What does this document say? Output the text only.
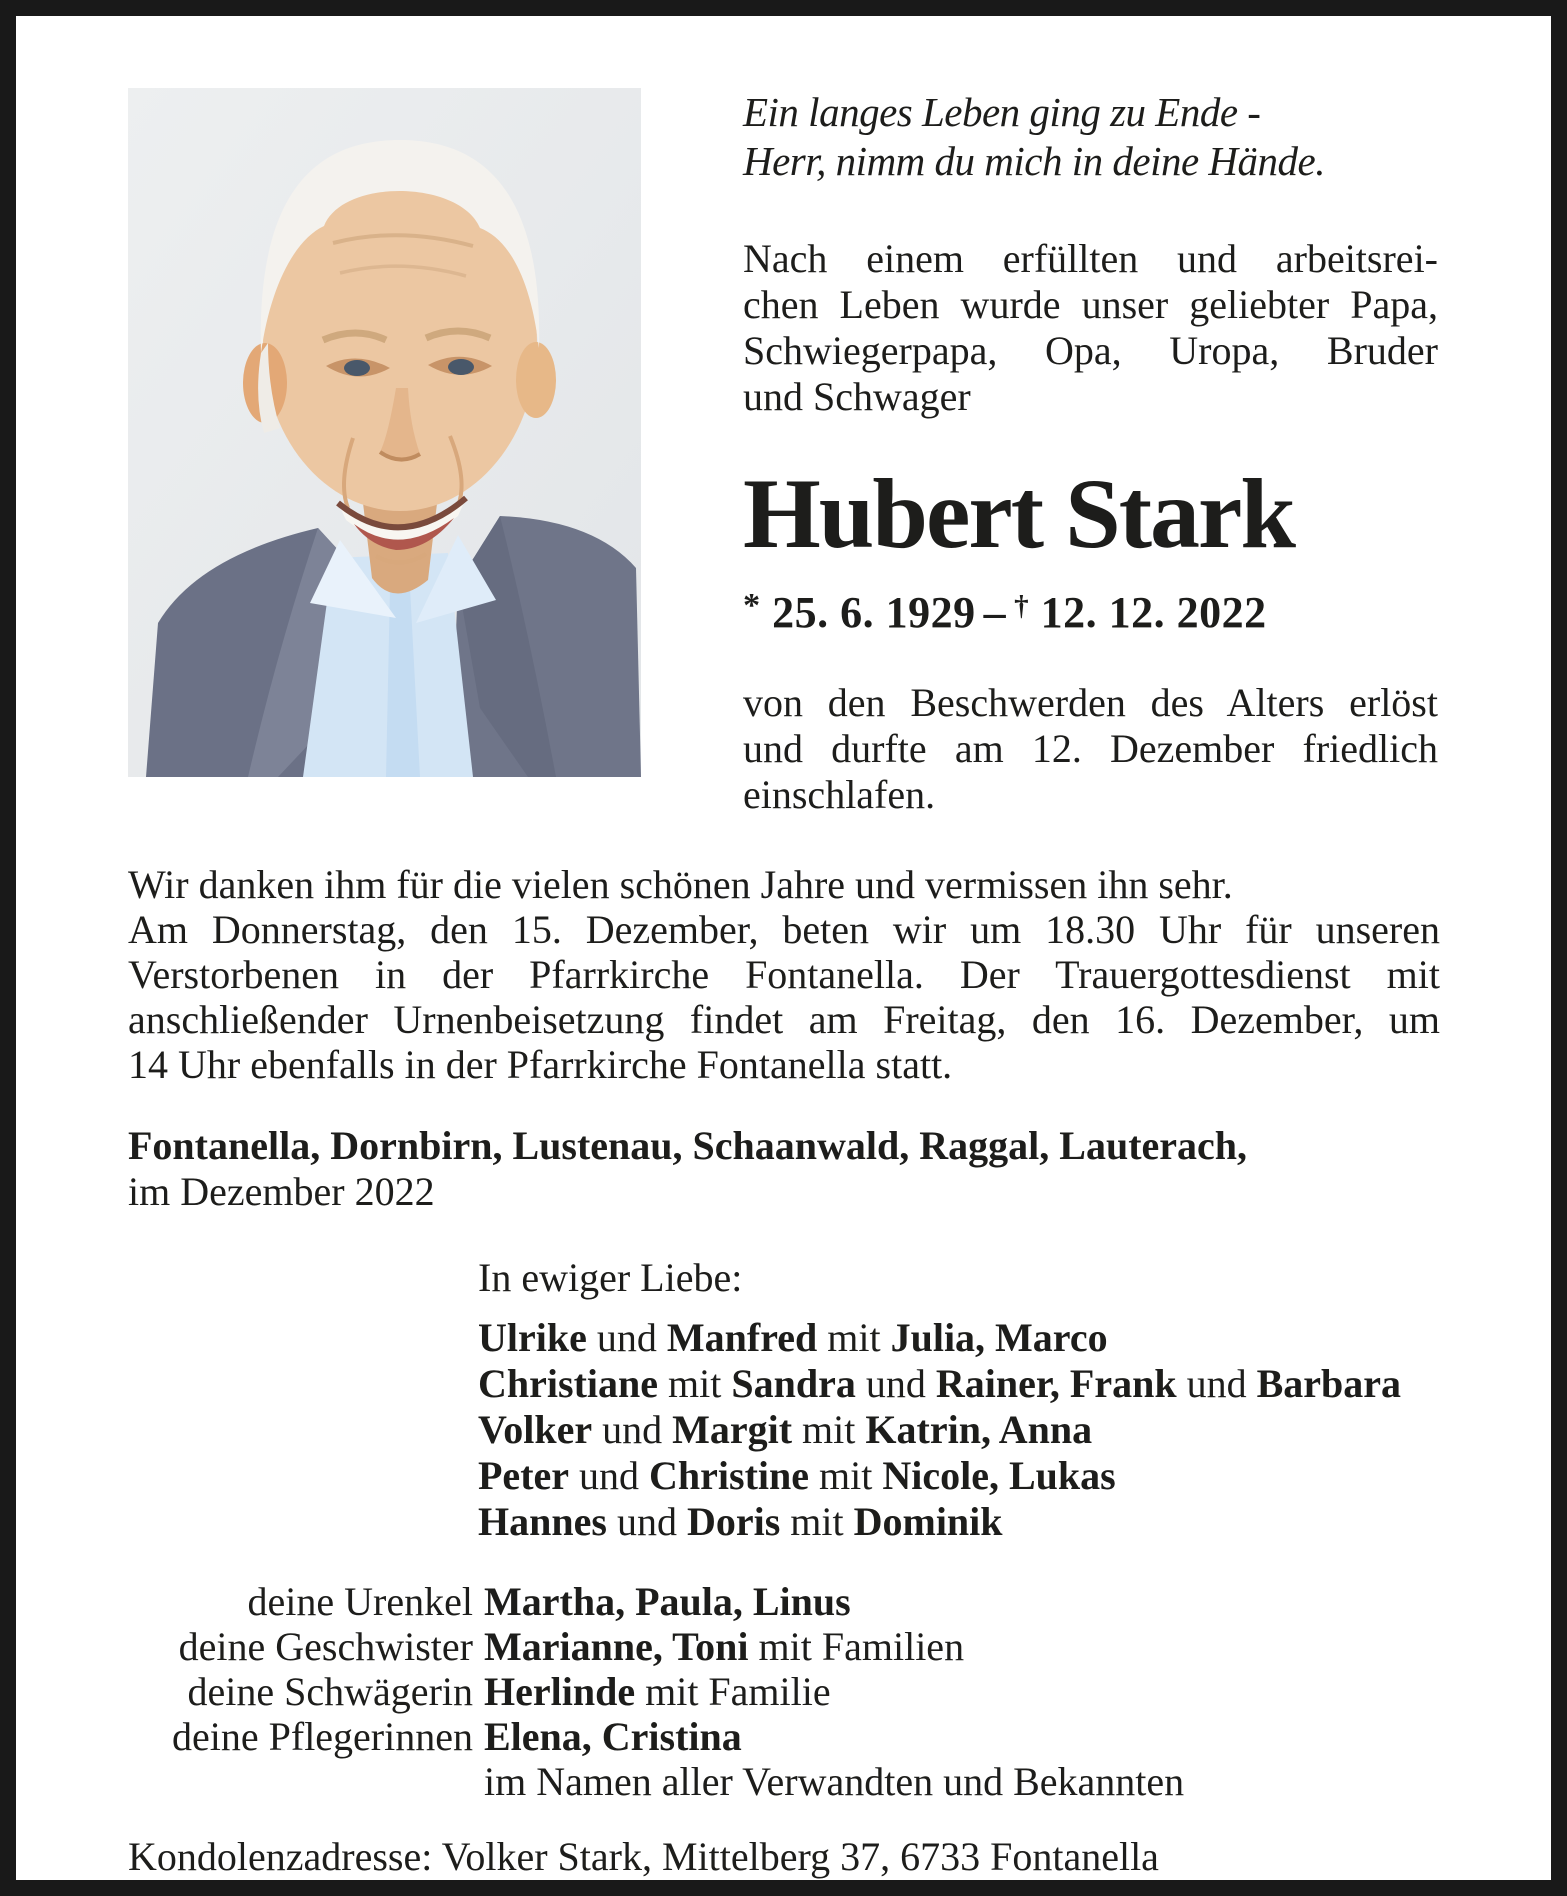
Ein langes Leben ging zu Ende -
Herr, nimm du mich in deine Hände.
Nach einem erfüllten und arbeitsrei-
chen Leben wurde unser geliebter Papa,
Schwiegerpapa, Opa, Uropa, Bruder
und Schwager
Hubert Stark
* 25. 6. 1929 – † 12. 12. 2022
von den Beschwerden des Alters erlöst
und durfte am 12. Dezember friedlich
einschlafen.
Wir danken ihm für die vielen schönen Jahre und vermissen ihn sehr.
Am Donnerstag, den 15. Dezember, beten wir um 18.30 Uhr für unseren
Verstorbenen in der Pfarrkirche Fontanella. Der Trauergottesdienst mit
anschließender Urnenbeisetzung findet am Freitag, den 16. Dezember, um
14 Uhr ebenfalls in der Pfarrkirche Fontanella statt.
Fontanella, Dornbirn, Lustenau, Schaanwald, Raggal, Lauterach,
im Dezember 2022
In ewiger Liebe:
Ulrike und Manfred mit Julia, Marco
Christiane mit Sandra und Rainer, Frank und Barbara
Volker und Margit mit Katrin, Anna
Peter und Christine mit Nicole, Lukas
Hannes und Doris mit Dominik
deine Urenkel Martha, Paula, Linus
deine Geschwister Marianne, Toni mit Familien
deine Schwägerin Herlinde mit Familie
deine Pflegerinnen Elena, Cristina
im Namen aller Verwandten und Bekannten
Kondolenzadresse: Volker Stark, Mittelberg 37, 6733 Fontanella
